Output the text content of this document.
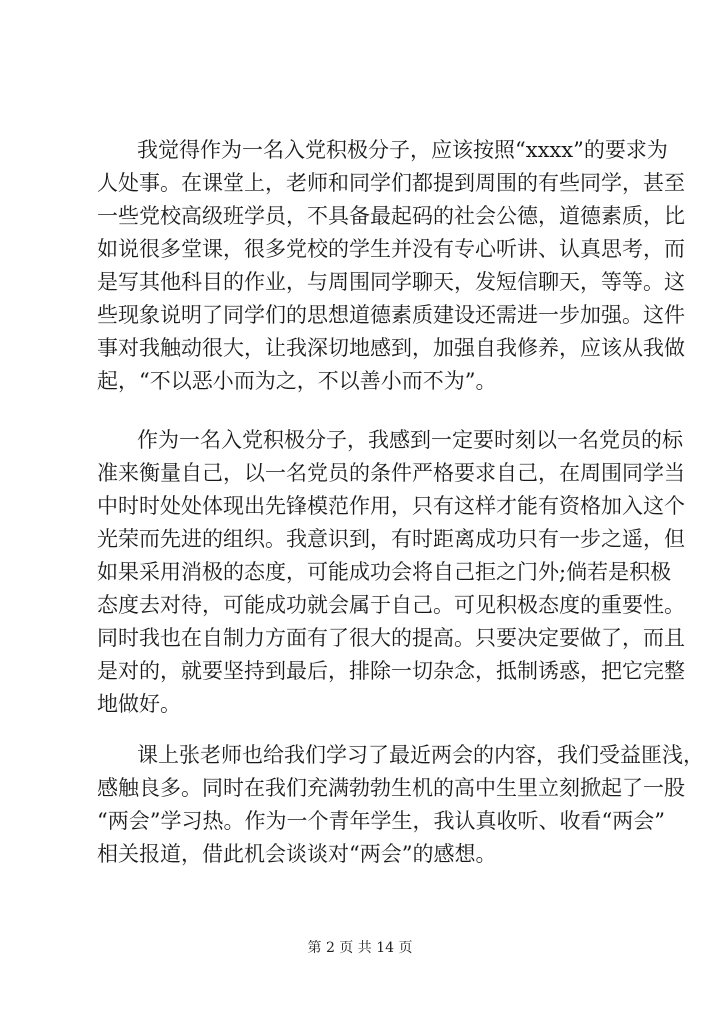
我觉得作为一名入党积极分子，应该按照“xxxx”的要求为
人处事。在课堂上，老师和同学们都提到周围的有些同学，甚至
一些党校高级班学员，不具备最起码的社会公德，道德素质，比
如说很多堂课，很多党校的学生并没有专心听讲、认真思考，而
是写其他科目的作业，与周围同学聊天，发短信聊天，等等。这
些现象说明了同学们的思想道德素质建设还需进一步加强。这件
事对我触动很大，让我深切地感到，加强自我修养，应该从我做
起，“不以恶小而为之，不以善小而不为”。
作为一名入党积极分子，我感到一定要时刻以一名党员的标
准来衡量自己，以一名党员的条件严格要求自己，在周围同学当
中时时处处体现出先锋模范作用，只有这样才能有资格加入这个
光荣而先进的组织。我意识到，有时距离成功只有一步之遥，但
如果采用消极的态度，可能成功会将自己拒之门外;倘若是积极
态度去对待，可能成功就会属于自己。可见积极态度的重要性。
同时我也在自制力方面有了很大的提高。只要决定要做了，而且
是对的，就要坚持到最后，排除一切杂念，抵制诱惑，把它完整
地做好。
课上张老师也给我们学习了最近两会的内容，我们受益匪浅，
感触良多。同时在我们充满勃勃生机的高中生里立刻掀起了一股
“两会”学习热。作为一个青年学生，我认真收听、收看“两会”
相关报道，借此机会谈谈对“两会”的感想。
第 2 页 共 14 页
